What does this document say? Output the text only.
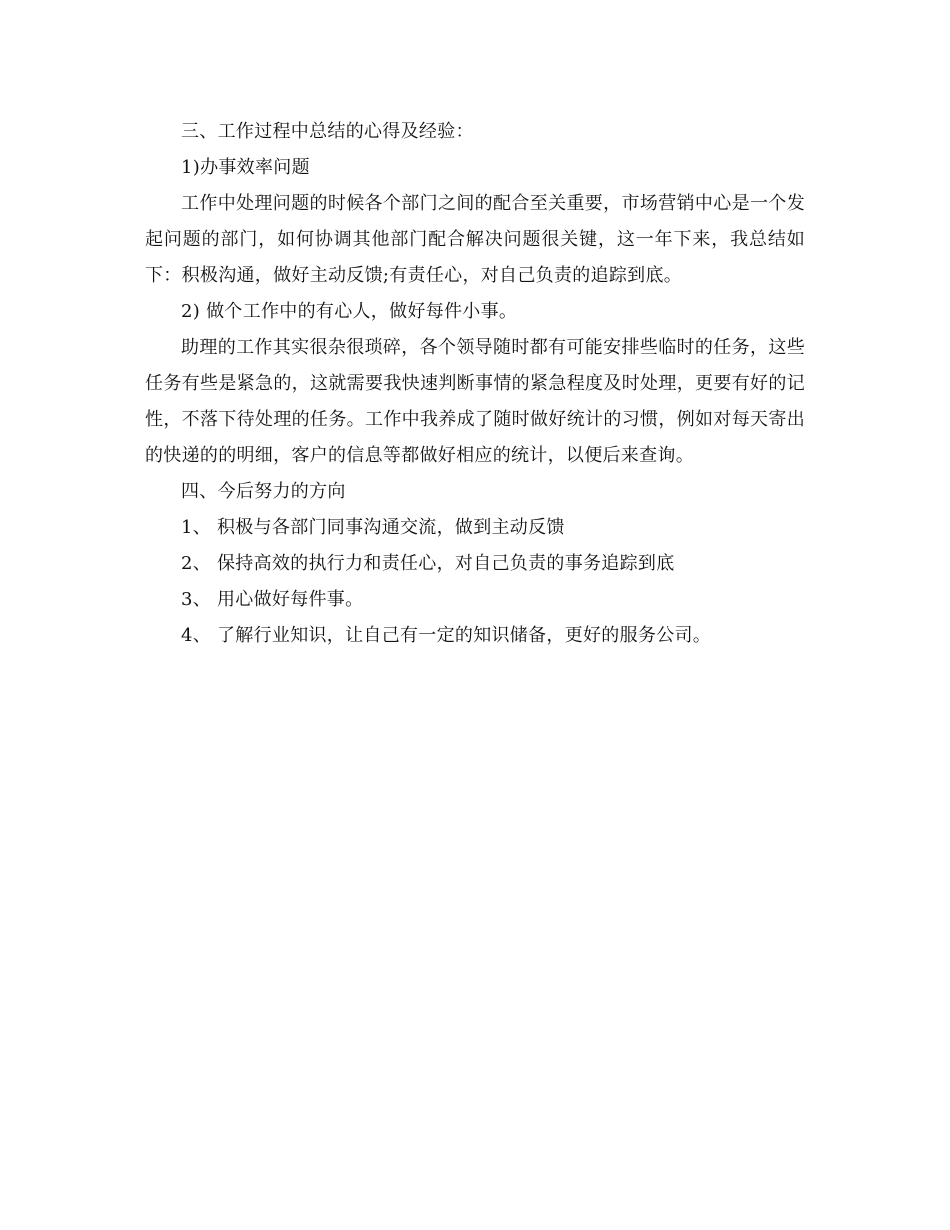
三、工作过程中总结的心得及经验：

1)办事效率问题

工作中处理问题的时候各个部门之间的配合至关重要，市场营销中心是一个发起问题的部门，如何协调其他部门配合解决问题很关键，这一年下来，我总结如下：积极沟通，做好主动反馈;有责任心，对自己负责的追踪到底。

2) 做个工作中的有心人，做好每件小事。

助理的工作其实很杂很琐碎，各个领导随时都有可能安排些临时的任务，这些任务有些是紧急的，这就需要我快速判断事情的紧急程度及时处理，更要有好的记性，不落下待处理的任务。工作中我养成了随时做好统计的习惯，例如对每天寄出的快递的的明细，客户的信息等都做好相应的统计，以便后来查询。

四、今后努力的方向

1、 积极与各部门同事沟通交流，做到主动反馈
2、 保持高效的执行力和责任心，对自己负责的事务追踪到底
3、 用心做好每件事。
4、 了解行业知识，让自己有一定的知识储备，更好的服务公司。
